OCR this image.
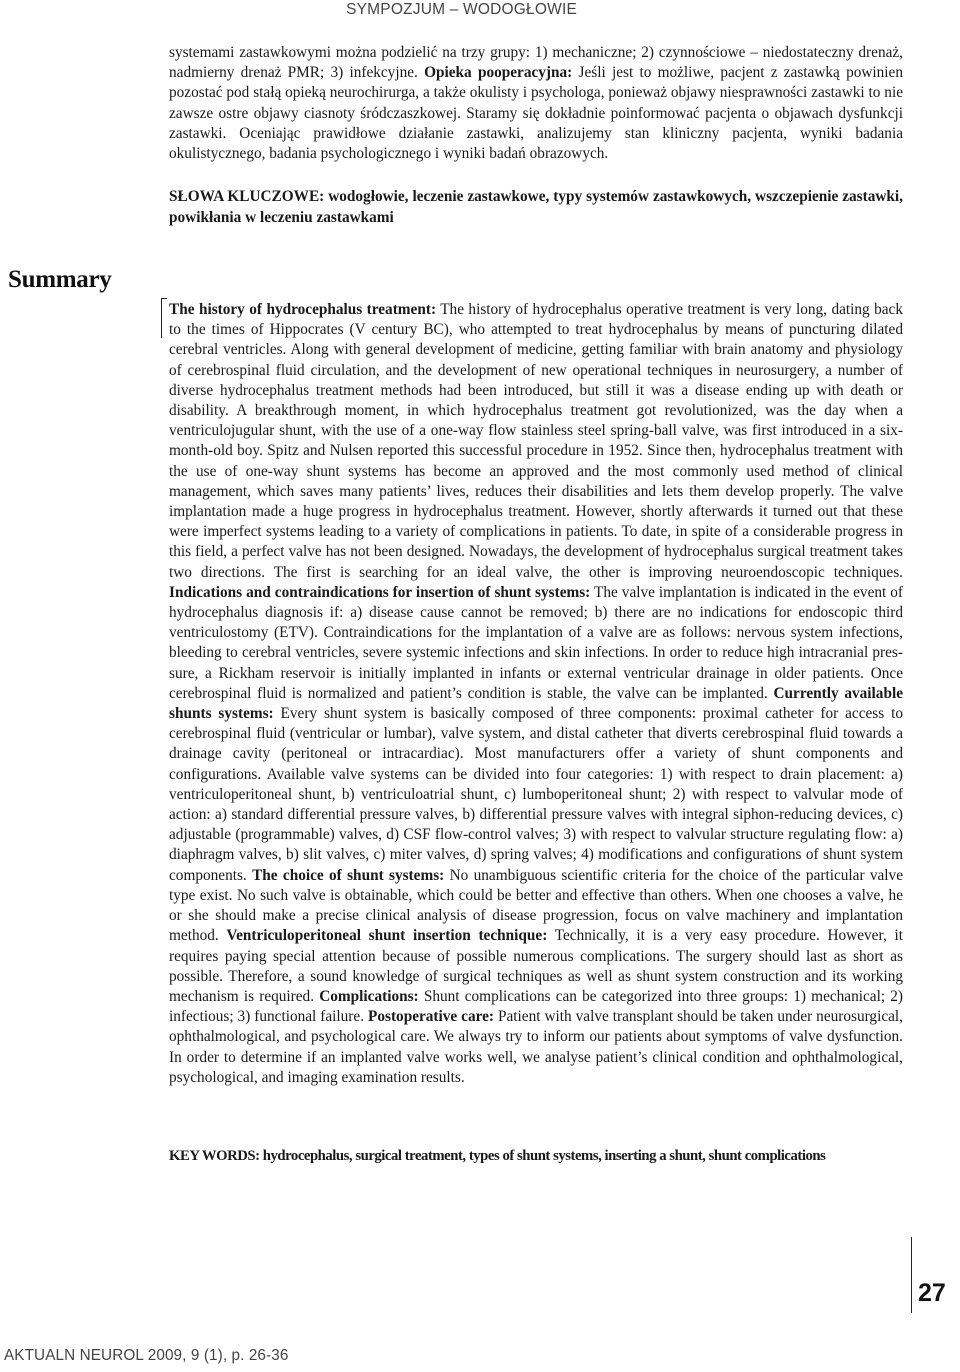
SYMPOZJUM – WODOGŁOWIE

systemami zastawkowymi można podzielić na trzy grupy: 1) mechaniczne; 2) czynnościowe – niedostateczny drenaż, nadmierny drenaż PMR; 3) infekcyjne. Opieka pooperacyjna: Jeśli jest to możliwe, pacjent z zastawką powinien pozostać pod stałą opieką neurochirurga, a także okulisty i psychologa, ponieważ objawy niesprawności zastawki to nie zawsze ostre objawy ciasnoty śródczaszkowej. Staramy się dokładnie poinformować pacjenta o objawach dysfunkcji zastawki. Oceniając prawidłowe działanie zastawki, analizujemy stan kliniczny pacjenta, wyniki badania okulistycznego, badania psychologicznego i wyniki badań obrazowych.

SŁOWA KLUCZOWE: wodogłowie, leczenie zastawkowe, typy systemów zastawkowych, wszczepienie zastawki, powikłania w leczeniu zastawkami

Summary

The history of hydrocephalus treatment: The history of hydrocephalus operative treatment is very long, dating back to the times of Hippocrates (V century BC), who attempted to treat hydrocephalus by means of puncturing dilated cerebral ventricles. Along with general development of medicine, getting familiar with brain anatomy and physiology of cerebrospinal fluid circulation, and the development of new operational techniques in neurosurgery, a number of diverse hydrocephalus treatment methods had been introduced, but still it was a disease ending up with death or disability. A breakthrough moment, in which hydrocephalus treatment got revolutionized, was the day when a ventriculojugular shunt, with the use of a one-way flow stainless steel spring-ball valve, was first introduced in a six-month-old boy. Spitz and Nulsen reported this successful procedure in 1952. Since then, hydrocephalus treatment with the use of one-way shunt systems has become an approved and the most commonly used method of clinical management, which saves many patients’ lives, reduces their disabilities and lets them develop properly. The valve implantation made a huge progress in hydrocephalus treatment. However, shortly afterwards it turned out that these were imperfect systems leading to a variety of complications in patients. To date, in spite of a considerable progress in this field, a perfect valve has not been designed. Nowadays, the development of hydrocephalus surgical treatment takes two directions. The first is searching for an ideal valve, the other is improving neuroendoscopic techniques. Indications and contraindications for insertion of shunt systems: The valve implantation is indicated in the event of hydrocephalus diagnosis if: a) disease cause cannot be removed; b) there are no indications for endoscopic third ventriculostomy (ETV). Contraindications for the implantation of a valve are as follows: nervous system infections, bleeding to cerebral ventricles, severe systemic infections and skin infections. In order to reduce high intracranial pressure, a Rickham reservoir is initially implanted in infants or external ventricular drainage in older patients. Once cerebrospinal fluid is normalized and patient’s condition is stable, the valve can be implanted. Currently available shunts systems: Every shunt system is basically composed of three components: proximal catheter for access to cerebrospinal fluid (ventricular or lumbar), valve system, and distal catheter that diverts cerebrospinal fluid towards a drainage cavity (peritoneal or intracardiac). Most manufacturers offer a variety of shunt components and configurations. Available valve systems can be divided into four categories: 1) with respect to drain placement: a) ventriculoperitoneal shunt, b) ventriculoatrial shunt, c) lumboperitoneal shunt; 2) with respect to valvular mode of action: a) standard differential pressure valves, b) differential pressure valves with integral siphon-reducing devices, c) adjustable (programmable) valves, d) CSF flow-control valves; 3) with respect to valvular structure regulating flow: a) diaphragm valves, b) slit valves, c) miter valves, d) spring valves; 4) modifications and configurations of shunt system components. The choice of shunt systems: No unambiguous scientific criteria for the choice of the particular valve type exist. No such valve is obtainable, which could be better and effective than others. When one chooses a valve, he or she should make a precise clinical analysis of disease progression, focus on valve machinery and implantation method. Ventriculoperitoneal shunt insertion technique: Technically, it is a very easy procedure. However, it requires paying special attention because of possible numerous complications. The surgery should last as short as possible. Therefore, a sound knowledge of surgical techniques as well as shunt system construction and its working mechanism is required. Complications: Shunt complications can be categorized into three groups: 1) mechanical; 2) infectious; 3) functional failure. Postoperative care: Patient with valve transplant should be taken under neurosurgical, ophthalmological, and psychological care. We always try to inform our patients about symptoms of valve dysfunction. In order to determine if an implanted valve works well, we analyse patient’s clinical condition and ophthalmological, psychological, and imaging examination results.

KEY WORDS: hydrocephalus, surgical treatment, types of shunt systems, inserting a shunt, shunt complications

27

AKTUALN NEUROL 2009, 9 (1), p. 26-36
